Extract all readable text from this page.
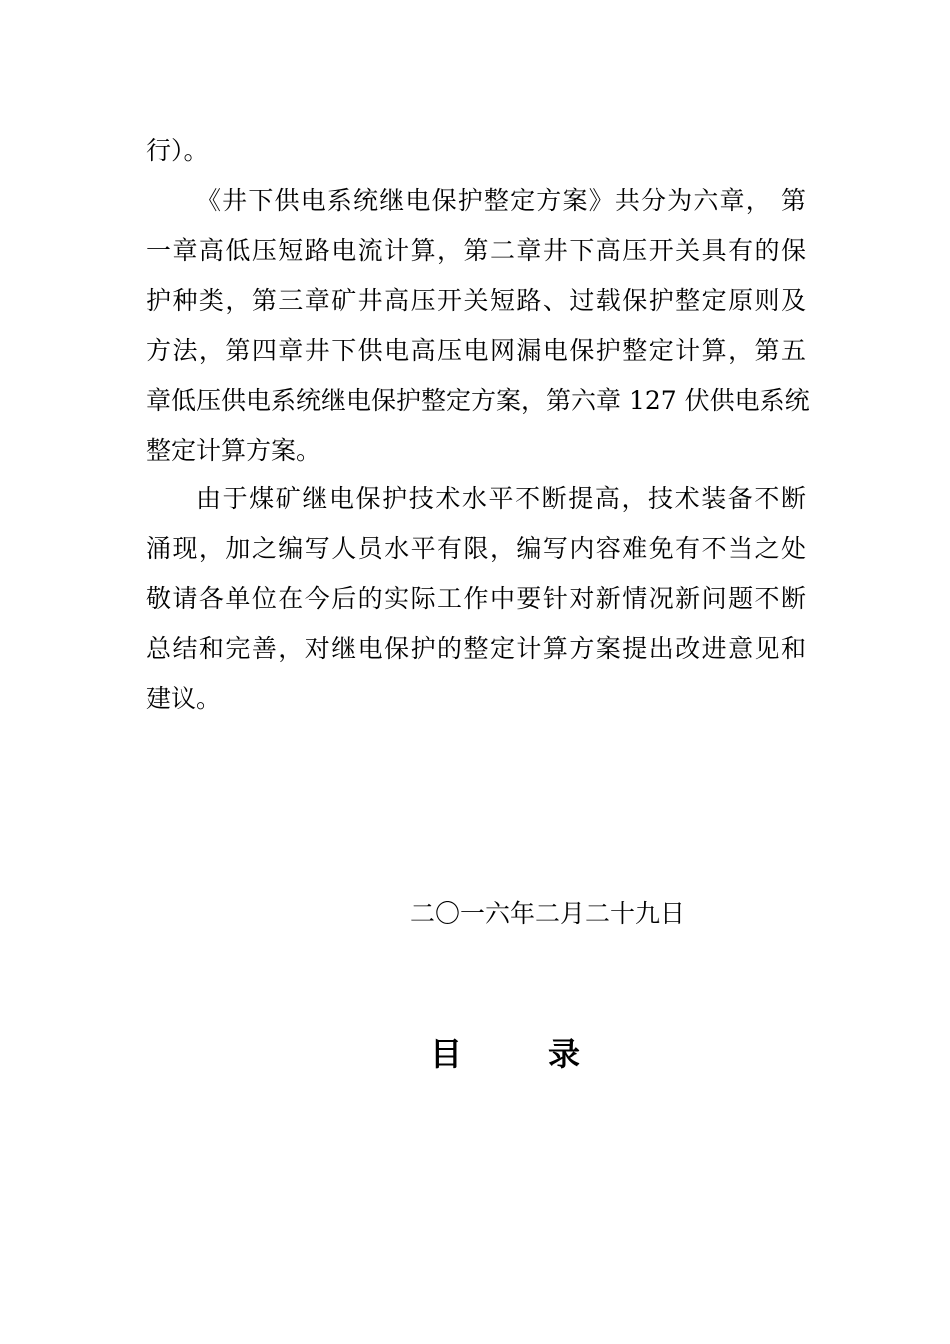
行）。
《井下供电系统继电保护整定方案》共分为六章， 第
一章高低压短路电流计算，第二章井下高压开关具有的保
护种类，第三章矿井高压开关短路、过载保护整定原则及
方法，第四章井下供电高压电网漏电保护整定计算，第五
章低压供电系统继电保护整定方案，第六章 127 伏供电系统
整定计算方案。
由于煤矿继电保护技术水平不断提高，技术装备不断
涌现，加之编写人员水平有限，编写内容难免有不当之处
敬请各单位在今后的实际工作中要针对新情况新问题不断
总结和完善，对继电保护的整定计算方案提出改进意见和
建议。
二〇一六年二月二十九日
目　　录
